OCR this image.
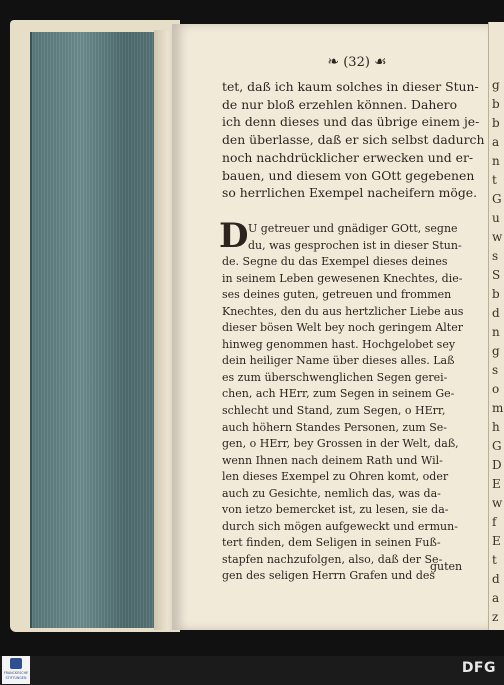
g
b
b
a
n
t
G
u
w
s
S
b
d
n
g
s
o
m
h
G
D
E
w
f
E
t
d
a
z
❧ (32) ☙
tet, daß ich kaum solches in dieser Stun-
de nur bloß erzehlen können. Dahero
ich denn dieses und das übrige einem je-
den überlasse, daß er sich selbst dadurch
noch nachdrücklicher erwecken und er-
bauen, und diesem von GOtt gegebenen
so herrlichen Exempel nacheifern möge.
D U getreuer und gnädiger GOtt, segne
du, was gesprochen ist in dieser Stun-
de. Segne du das Exempel dieses deines
in seinem Leben gewesenen Knechtes, die-
ses deines guten, getreuen und frommen
Knechtes, den du aus hertzlicher Liebe aus
dieser bösen Welt bey noch geringem Alter
hinweg genommen hast. Hochgelobet sey
dein heiliger Name über dieses alles. Laß
es zum überschwenglichen Segen gerei-
chen, ach HErr, zum Segen in seinem Ge-
schlecht und Stand, zum Segen, o HErr,
auch höhern Standes Personen, zum Se-
gen, o HErr, bey Grossen in der Welt, daß,
wenn Ihnen nach deinem Rath und Wil-
len dieses Exempel zu Ohren komt, oder
auch zu Gesichte, nemlich das, was da-
von ietzo bemercket ist, zu lesen, sie da-
durch sich mögen aufgeweckt und ermun-
tert finden, dem Seligen in seinen Fuß-
stapfen nachzufolgen, also, daß der Se-
gen des seligen Herrn Grafen und des
guten
FRANCKESCHE
STIFTUNGEN
DFG
